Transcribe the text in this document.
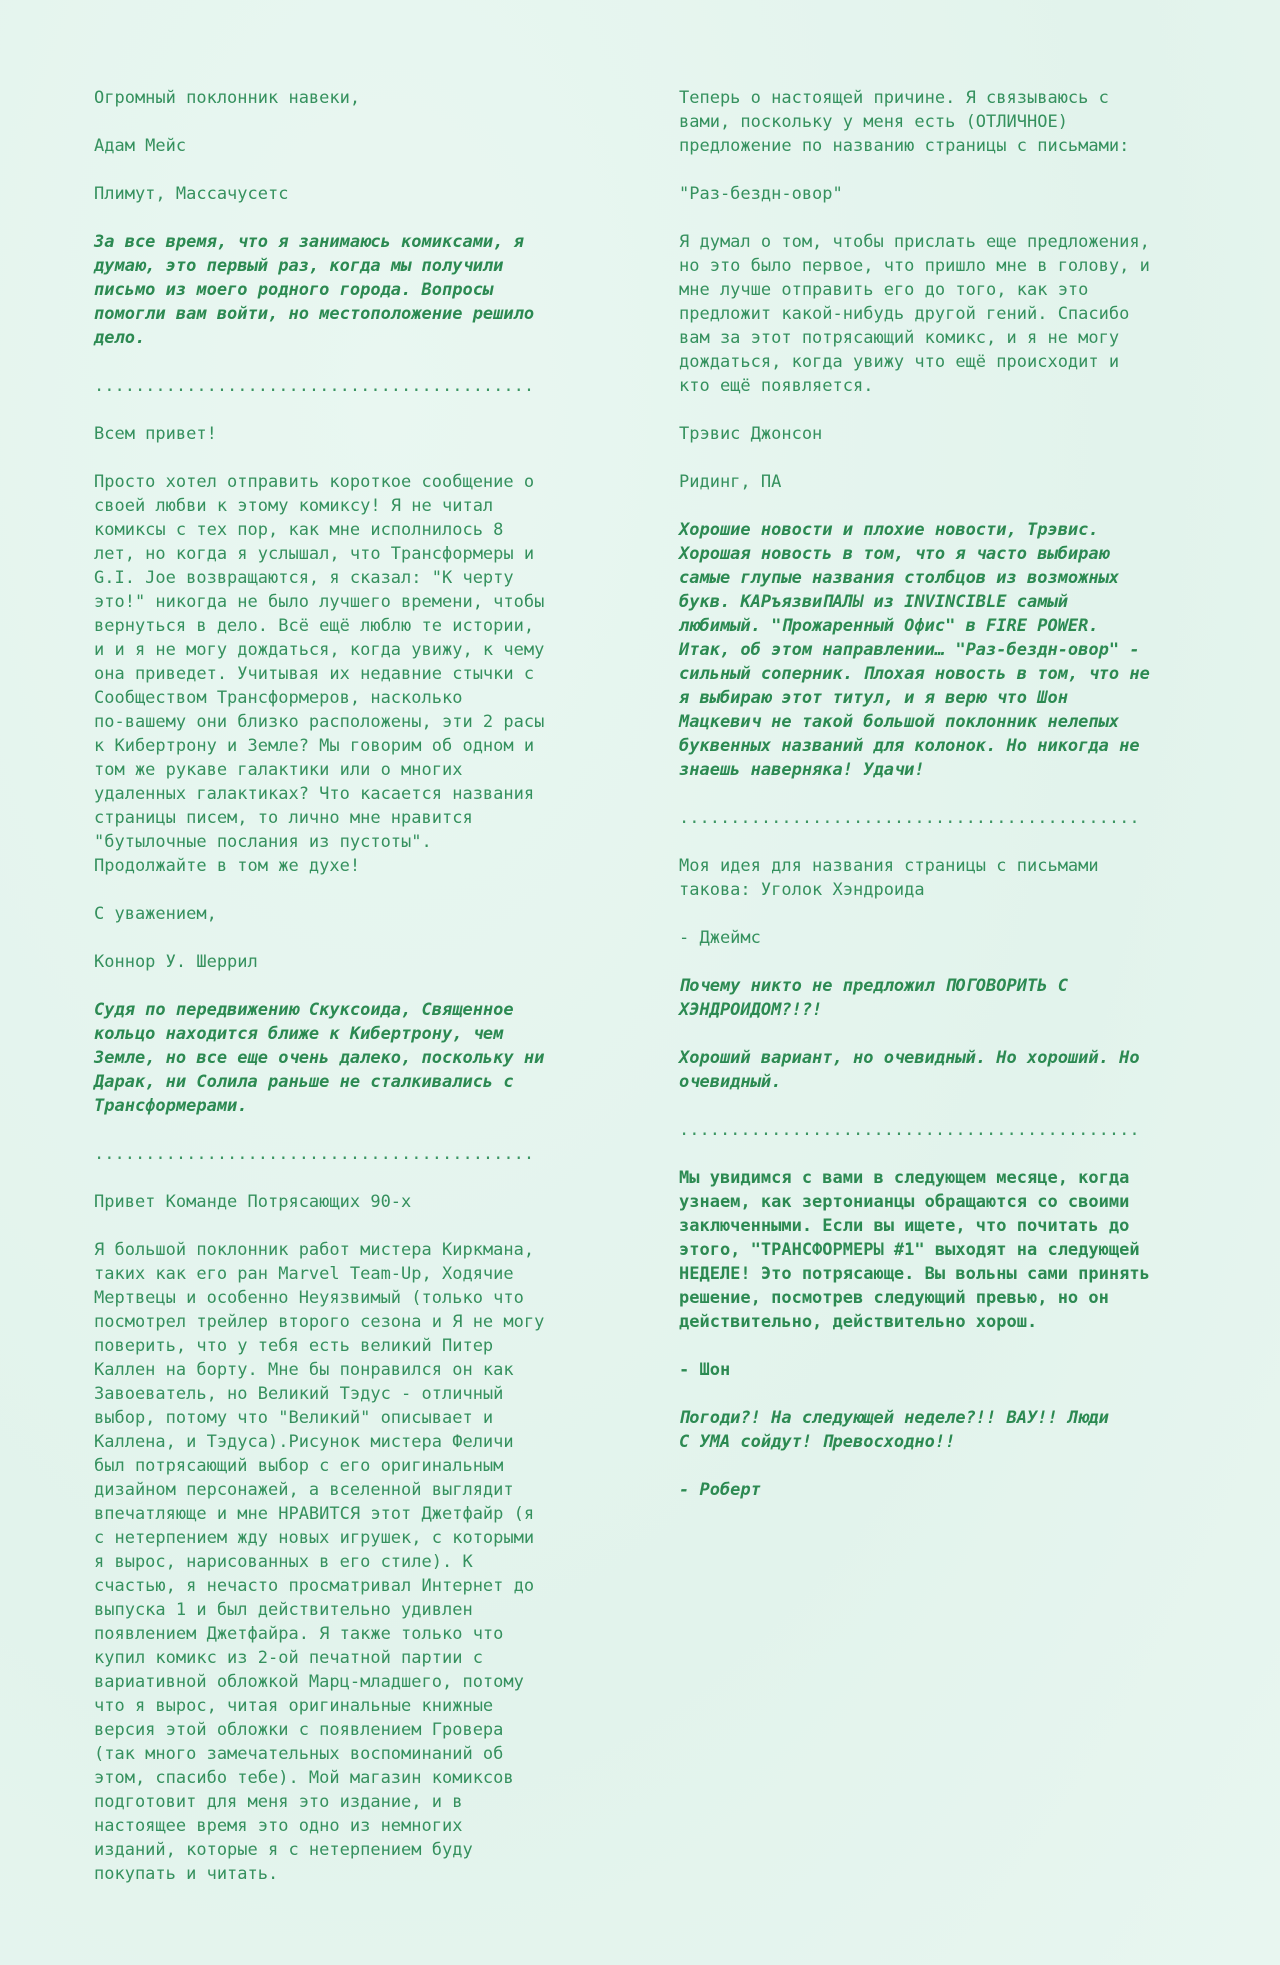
Огромный поклонник навеки,

Адам Мейс

Плимут, Массачусетс

За все время, что я занимаюсь комиксами, я
думаю, это первый раз, когда мы получили
письмо из моего родного города. Вопросы
помогли вам войти, но местоположение решило
дело.

...........................................

Всем привет!

Просто хотел отправить короткое сообщение о
своей любви к этому комиксу! Я не читал
комиксы с тех пор, как мне исполнилось 8
лет, но когда я услышал, что Трансформеры и
G.I. Joe возвращаются, я сказал: "К черту
это!" никогда не было лучшего времени, чтобы
вернуться в дело. Всё ещё люблю те истории,
и и я не могу дождаться, когда увижу, к чему
она приведет. Учитывая их недавние стычки с
Сообществом Трансформеров, насколько
по-вашему они близко расположены, эти 2 расы
к Кибертрону и Земле? Мы говорим об одном и
том же рукаве галактики или о многих
удаленных галактиках? Что касается названия
страницы писем, то лично мне нравится
"бутылочные послания из пустоты".
Продолжайте в том же духе!

С уважением,

Коннор У. Шеррил

Судя по передвижению Скуксоида, Священное
кольцо находится ближе к Кибертрону, чем
Земле, но все еще очень далеко, поскольку ни
Дарак, ни Солила раньше не сталкивались с
Трансформерами.

...........................................

Привет Команде Потрясающих 90-х

Я большой поклонник работ мистера Киркмана,
таких как его ран Marvel Team-Up, Ходячие
Мертвецы и особенно Неуязвимый (только что
посмотрел трейлер второго сезона и Я не могу
поверить, что у тебя есть великий Питер
Каллен на борту. Мне бы понравился он как
Завоеватель, но Великий Тэдус - отличный
выбор, потому что "Великий" описывает и
Каллена, и Тэдуса).Рисунок мистера Феличи
был потрясающий выбор с его оригинальным
дизайном персонажей, а вселенной выглядит
впечатляюще и мне НРАВИТСЯ этот Джетфайр (я
с нетерпением жду новых игрушек, с которыми
я вырос, нарисованных в его стиле). К
счастью, я нечасто просматривал Интернет до
выпуска 1 и был действительно удивлен
появлением Джетфайра. Я также только что
купил комикс из 2-ой печатной партии с
вариативной обложкой Марц-младшего, потому
что я вырос, читая оригинальные книжные
версия этой обложки с появлением Гровера
(так много замечательных воспоминаний об
этом, спасибо тебе). Мой магазин комиксов
подготовит для меня это издание, и в
настоящее время это одно из немногих
изданий, которые я с нетерпением буду
покупать и читать.

Теперь о настоящей причине. Я связываюсь с
вами, поскольку у меня есть (ОТЛИЧНОЕ)
предложение по названию страницы с письмами:

"Раз-бездн-овор"

Я думал о том, чтобы прислать еще предложения,
но это было первое, что пришло мне в голову, и
мне лучше отправить его до того, как это
предложит какой-нибудь другой гений. Спасибо
вам за этот потрясающий комикс, и я не могу
дождаться, когда увижу что ещё происходит и
кто ещё появляется.

Трэвис Джонсон

Ридинг, ПА

Хорошие новости и плохие новости, Трэвис.
Хорошая новость в том, что я часто выбираю
самые глупые названия столбцов из возможных
букв. КАРъязвиПАЛЫ из INVINCIBLE самый
любимый. "Прожаренный Офис" в FIRE POWER.
Итак, об этом направлении… "Раз-бездн-овор" -
сильный соперник. Плохая новость в том, что не
я выбираю этот титул, и я верю что Шон
Мацкевич не такой большой поклонник нелепых
буквенных названий для колонок. Но никогда не
знаешь наверняка! Удачи!

.............................................

Моя идея для названия страницы с письмами
такова: Уголок Хэндроида

- Джеймс

Почему никто не предложил ПОГОВОРИТЬ С
ХЭНДРОИДОМ?!?!

Хороший вариант, но очевидный. Но хороший. Но
очевидный.

.............................................

Мы увидимся с вами в следующем месяце, когда
узнаем, как зертонианцы обращаются со своими
заключенными. Если вы ищете, что почитать до
этого, "ТРАНСФОРМЕРЫ #1" выходят на следующей
НЕДЕЛЕ! Это потрясающе. Вы вольны сами принять
решение, посмотрев следующий превью, но он
действительно, действительно хорош.

- Шон

Погоди?! На следующей неделе?!! ВАУ!! Люди
С УМА сойдут! Превосходно!!

- Роберт
